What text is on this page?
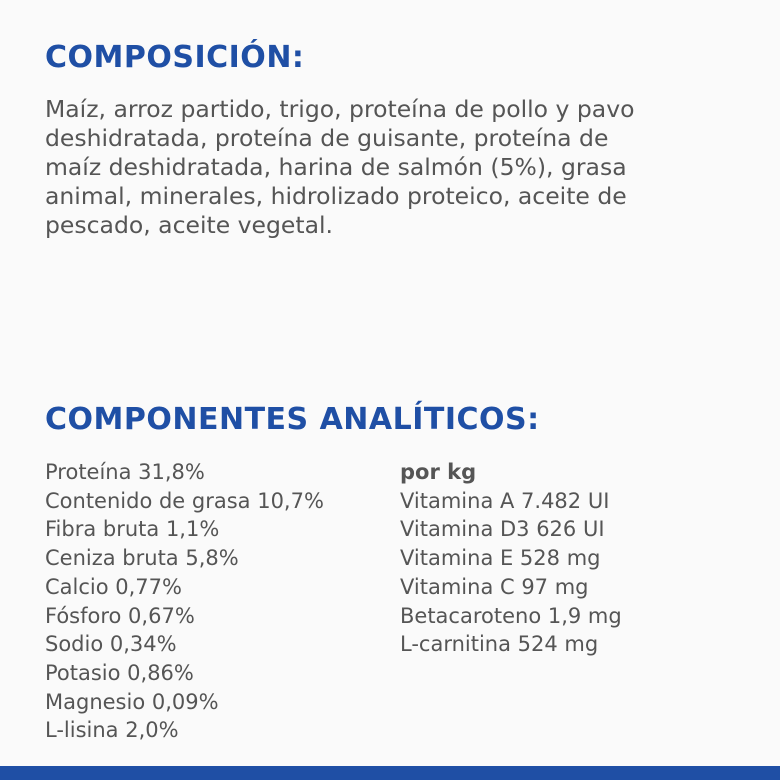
COMPOSICIÓN:

Maíz, arroz partido, trigo, proteína de pollo y pavo
deshidratada, proteína de guisante, proteína de
maíz deshidratada, harina de salmón (5%), grasa
animal, minerales, hidrolizado proteico, aceite de
pescado, aceite vegetal.

COMPONENTES ANALÍTICOS:
Proteína 31,8%
Contenido de grasa 10,7%
Fibra bruta 1,1%
Ceniza bruta 5,8%
Calcio 0,77%
Fósforo 0,67%
Sodio 0,34%
Potasio 0,86%
Magnesio 0,09%
L-lisina 2,0%
por kg
Vitamina A 7.482 UI
Vitamina D3 626 UI
Vitamina E 528 mg
Vitamina C 97 mg
Betacaroteno 1,9 mg
L-carnitina 524 mg
